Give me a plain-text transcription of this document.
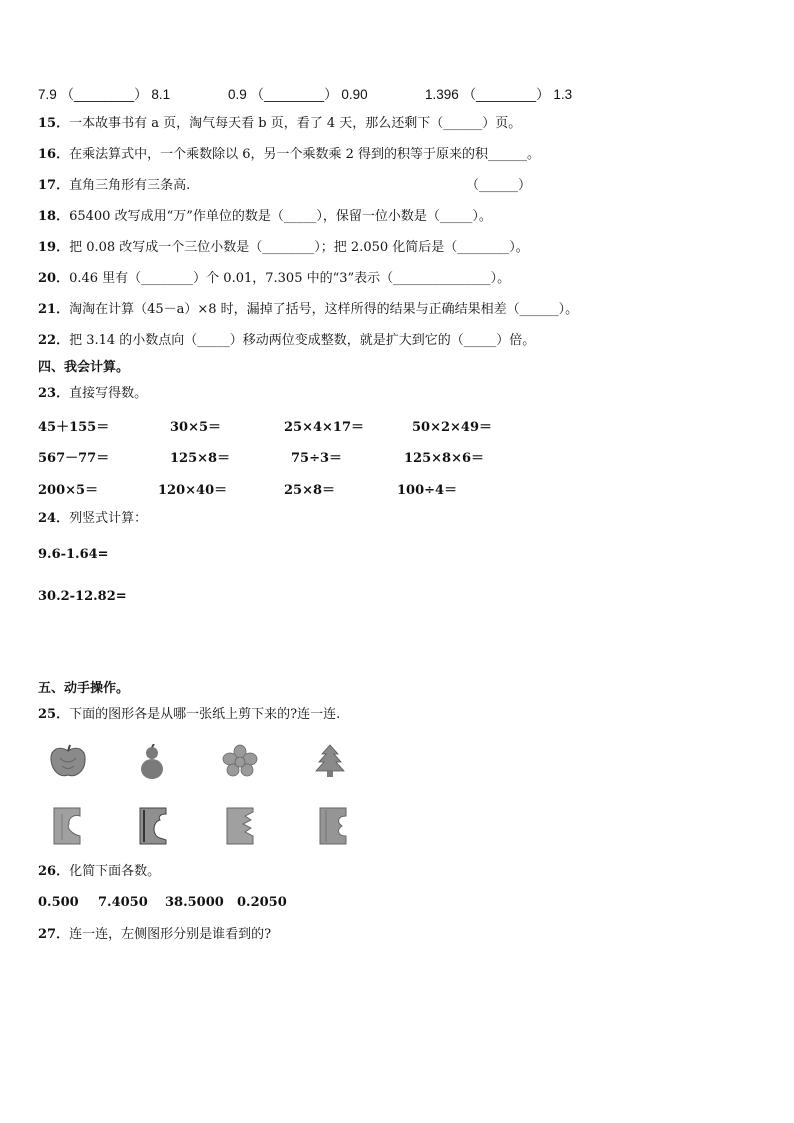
7.9 （________） 8.1	0.9 （________） 0.90	1.396 （________） 1.3
15．一本故事书有 a 页，淘气每天看 b 页，看了 4 天，那么还剩下（______）页。
16．在乘法算式中，一个乘数除以 6，另一个乘数乘 2 得到的积等于原来的积______。
17．直角三角形有三条高.	（______）
18．65400 改写成用“万”作单位的数是（_____），保留一位小数是（_____）。
19．把 0.08 改写成一个三位小数是（________）；把 2.050 化简后是（________）。
20．0.46 里有（________）个 0.01，7.305 中的“3”表示（_______________）。
21．淘淘在计算（45－a）×8 时，漏掉了括号，这样所得的结果与正确结果相差（______）。
22．把 3.14 的小数点向（_____）移动两位变成整数，就是扩大到它的（_____）倍。
四、我会计算。
23．直接写得数。
45＋155＝	30×5＝	25×4×17＝	50×2×49＝
567－77＝	125×8＝	75÷3＝	125×8×6＝
200×5＝	120×40＝	25×8＝	100÷4＝
24．列竖式计算：
9.6-1.64=
30.2-12.82=
五、动手操作。
25．下面的图形各是从哪一张纸上剪下来的?连一连.
26．化简下面各数。
0.500 7.4050 38.5000 0.2050
27．连一连，左侧图形分别是谁看到的?
